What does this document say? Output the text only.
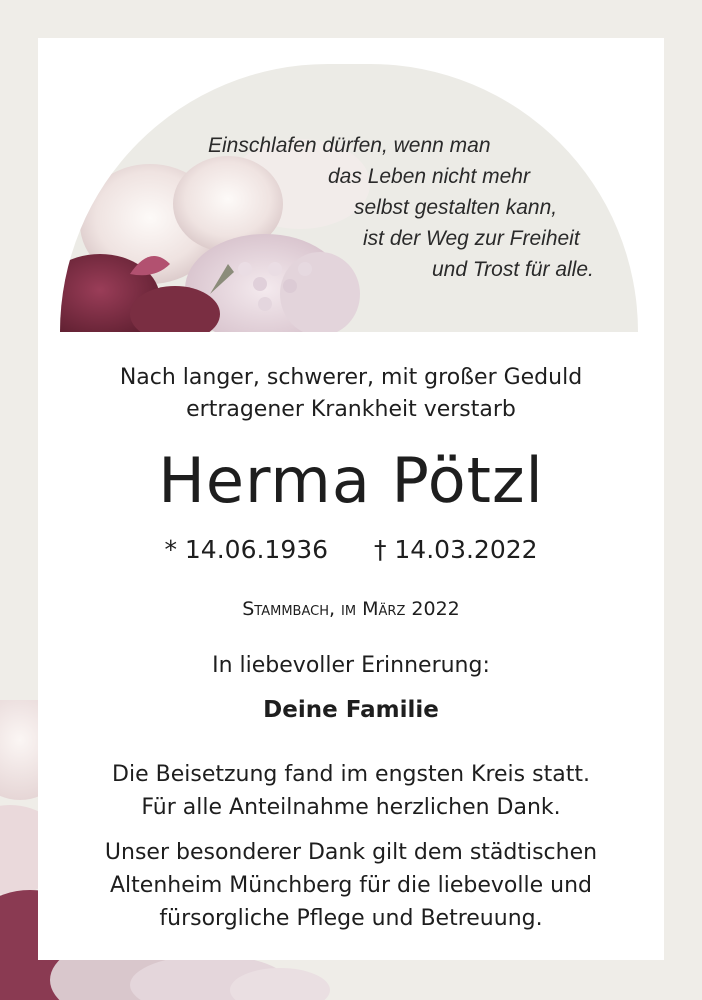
Einschlafen dürfen, wenn man
das Leben nicht mehr
selbst gestalten kann,
ist der Weg zur Freiheit
und Trost für alle.
Nach langer, schwerer, mit großer Geduld
ertragener Krankheit verstarb
Herma Pötzl
* 14.06.1936 † 14.03.2022
Stammbach, im März 2022
In liebevoller Erinnerung:
Deine Familie
Die Beisetzung fand im engsten Kreis statt.
Für alle Anteilnahme herzlichen Dank.
Unser besonderer Dank gilt dem städtischen
Altenheim Münchberg für die liebevolle und
fürsorgliche Pflege und Betreuung.
